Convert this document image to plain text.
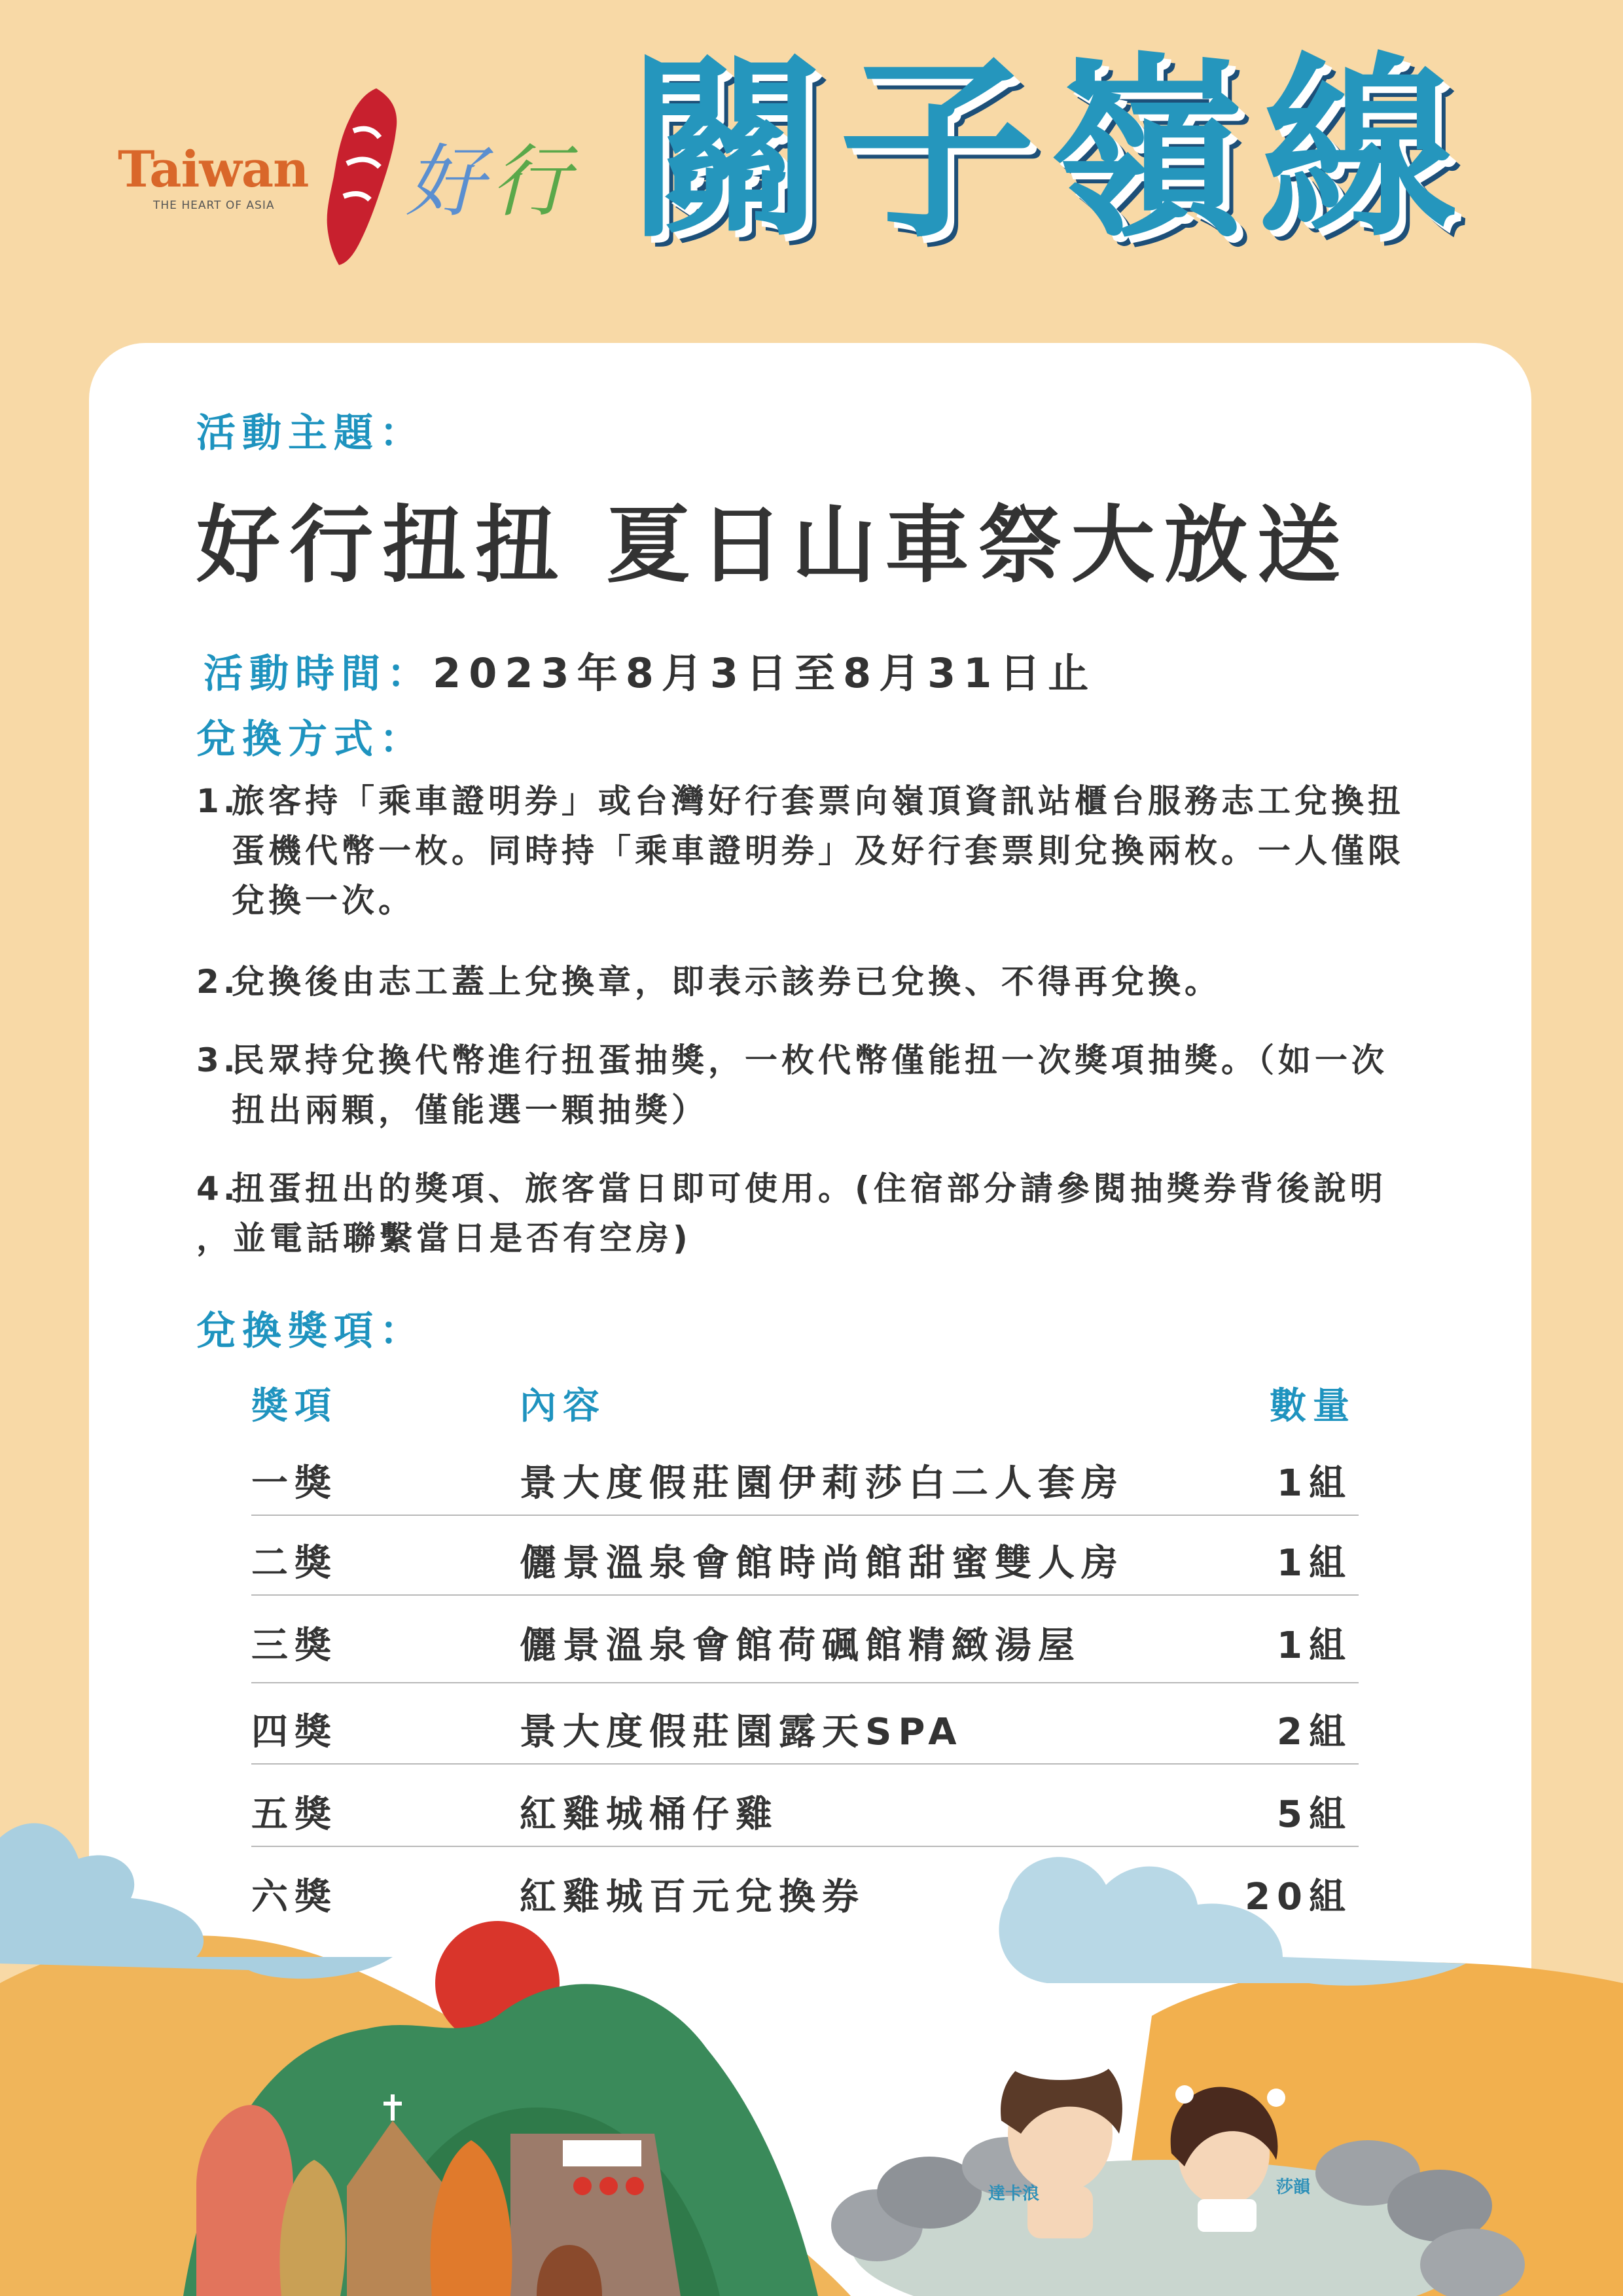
Taiwan
THE HEART OF ASIA 好 行 關 子 嶺 線
活動主題：
好行扭扭 夏日山車祭大放送

活動時間：2023年8月3日至8月31日止

兌換方式：
1.旅客持「乘車證明券」或台灣好行套票向嶺頂資訊站櫃台服務志工兌換扭
蛋機代幣一枚。同時持「乘車證明券」及好行套票則兌換兩枚。一人僅限
兌換一次。
2.兌換後由志工蓋上兌換章，即表示該券已兌換、不得再兌換。
3.民眾持兌換代幣進行扭蛋抽獎，一枚代幣僅能扭一次獎項抽獎。（如一次
扭出兩顆，僅能選一顆抽獎）
4.扭蛋扭出的獎項、旅客當日即可使用。(住宿部分請參閱抽獎券背後說明
，並電話聯繫當日是否有空房)
兌換獎項：
獎項	內容	數量
一獎	景大度假莊園伊莉莎白二人套房	1組
二獎	儷景溫泉會館時尚館甜蜜雙人房	1組
三獎	儷景溫泉會館荷碸館精緻湯屋	1組
四獎	景大度假莊園露天SPA	2組
五獎	紅雞城桶仔雞	5組
六獎	紅雞城百元兌換券	20組
達卡浪	莎韻
